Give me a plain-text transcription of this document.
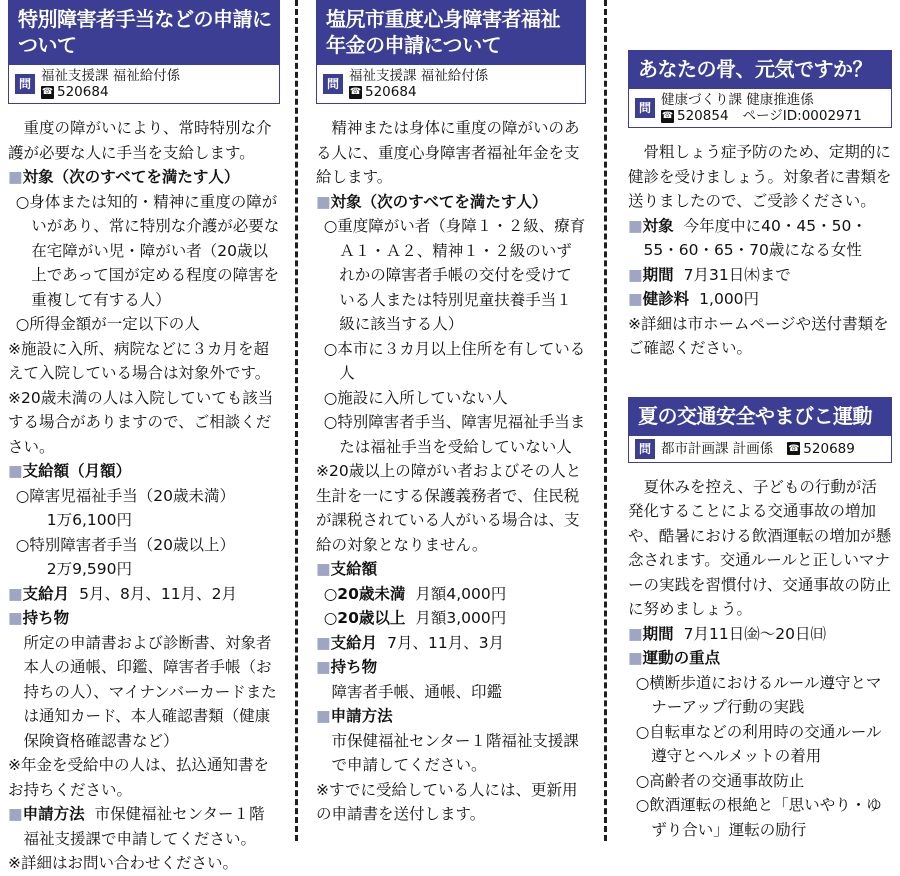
特別障害者手当などの申請について
問 福祉支援課 福祉給付係
☎ 520684

重度の障がいにより、常時特別な介護が必要な人に手当を支給します。

■ 対象（次のすべてを満たす人）

○ 身体または知的・精神に重度の障がいがあり、常に特別な介護が必要な在宅障がい児・障がい者（20歳以上であって国が定める程度の障害を重複して有する人）

○ 所得金額が一定以下の人

※施設に入所、病院などに３カ月を超えて入院している場合は対象外です。

※20歳未満の人は入院していても該当する場合がありますので、ご相談ください。

■ 支給額（月額）

○ 障害児福祉手当（20歳未満）

1万6,100円

○ 特別障害者手当（20歳以上）

2万9,590円

■ 支給月 5月、8月、11月、2月

■ 持ち物

所定の申請書および診断書、対象者本人の通帳、印鑑、障害者手帳（お持ちの人）、マイナンバーカードまたは通知カード、本人確認書類（健康保険資格確認書など）

※年金を受給中の人は、払込通知書をお持ちください。

■ 申請方法 市保健福祉センター１階福祉支援課で申請してください。

※詳細はお問い合わせください。

塩尻市重度心身障害者福祉年金の申請について
問 福祉支援課 福祉給付係
☎ 520684

精神または身体に重度の障がいのある人に、重度心身障害者福祉年金を支給します。

■ 対象（次のすべてを満たす人）

○ 重度障がい者（身障１・２級、療育Ａ１・Ａ２、精神１・２級のいずれかの障害者手帳の交付を受けている人または特別児童扶養手当１級に該当する人）

○ 本市に３カ月以上住所を有している人

○ 施設に入所していない人

○ 特別障害者手当、障害児福祉手当または福祉手当を受給していない人

※20歳以上の障がい者およびその人と生計を一にする保護義務者で、住民税が課税されている人がいる場合は、支給の対象となりません。

■ 支給額

○ 20歳未満 月額4,000円

○ 20歳以上 月額3,000円

■ 支給月 7月、11月、3月

■ 持ち物

障害者手帳、通帳、印鑑

■ 申請方法

市保健福祉センター１階福祉支援課で申請してください。

※すでに受給している人には、更新用の申請書を送付します。

あなたの骨、元気ですか？
問 健康づくり課 健康推進係
☎ 520854 ページID:0002971

骨粗しょう症予防のため、定期的に健診を受けましょう。対象者に書類を送りましたので、ご受診ください。

■ 対象 今年度中に40・45・50・55・60・65・70歳になる女性

■ 期間 7月31日㈭まで

■ 健診料 1,000円

※詳細は市ホームページや送付書類をご確認ください。

夏の交通安全やまびこ運動
問 都市計画課 計画係 ☎ 520689

夏休みを控え、子どもの行動が活発化することによる交通事故の増加や、酷暑における飲酒運転の増加が懸念されます。交通ルールと正しいマナーの実践を習慣付け、交通事故の防止に努めましょう。

■ 期間 7月11日㈮～20日㈰

■ 運動の重点

○ 横断歩道におけるルール遵守とマナーアップ行動の実践

○ 自転車などの利用時の交通ルール遵守とヘルメットの着用

○ 高齢者の交通事故防止

○ 飲酒運転の根絶と「思いやり・ゆずり合い」運転の励行
